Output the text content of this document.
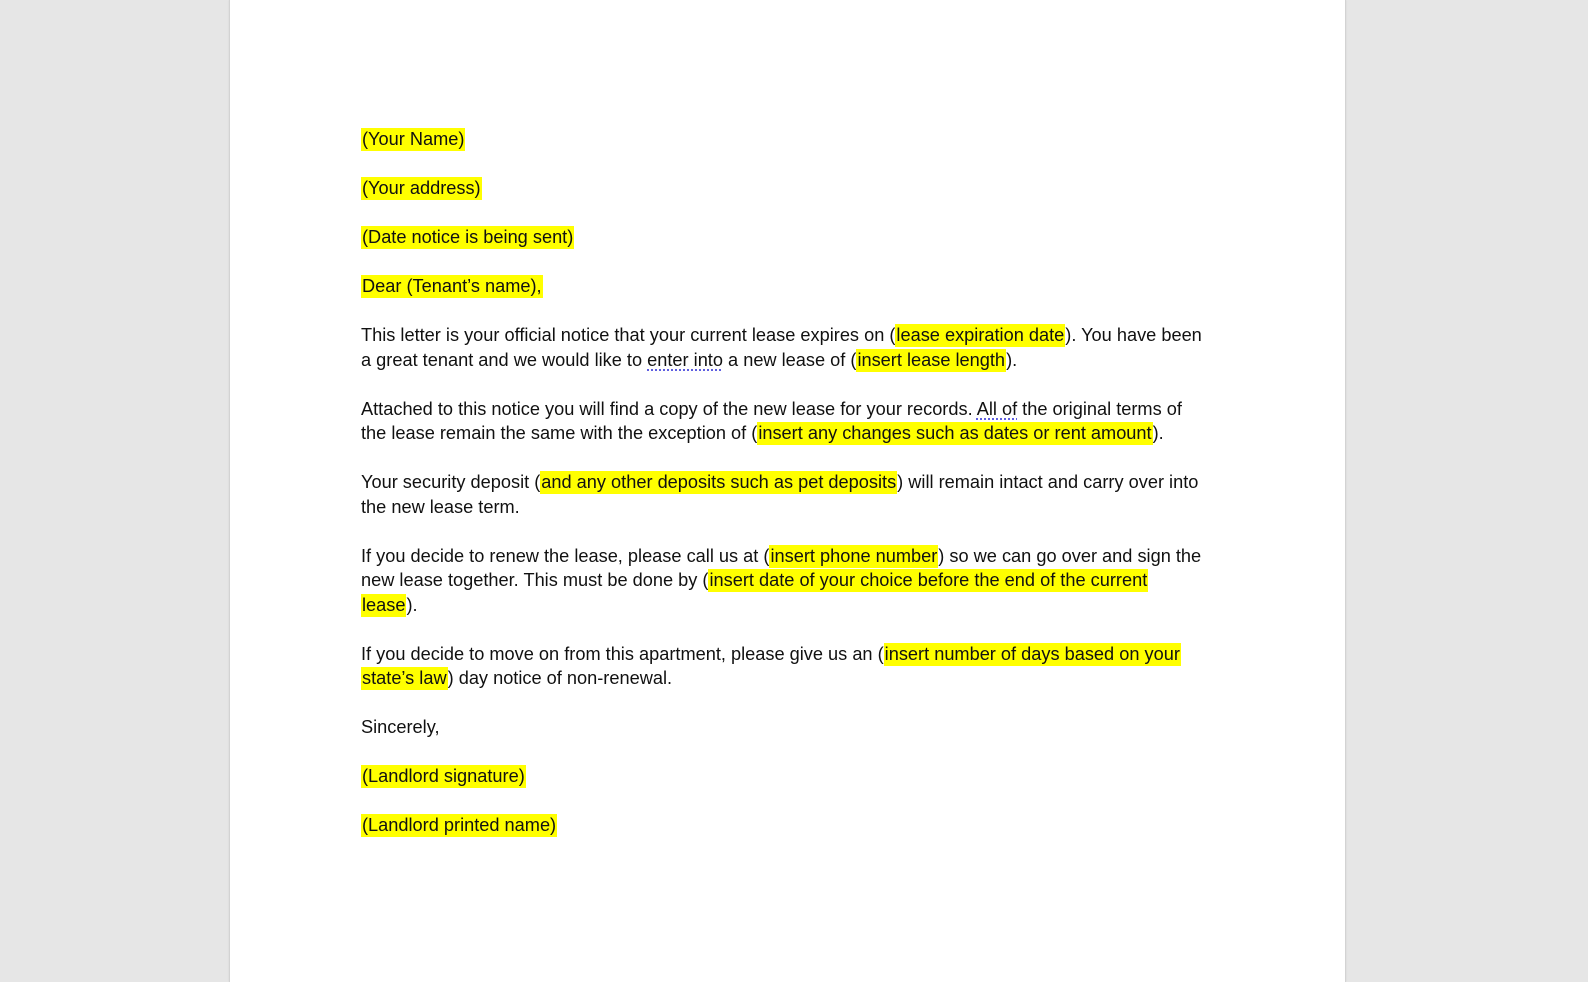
(Your Name)

(Your address)

(Date notice is being sent)

Dear (Tenant’s name),

This letter is your official notice that your current lease expires on (lease expiration date). You have been
a great tenant and we would like to enter into a new lease of (insert lease length).

Attached to this notice you will find a copy of the new lease for your records. All of the original terms of
the lease remain the same with the exception of (insert any changes such as dates or rent amount).

Your security deposit (and any other deposits such as pet deposits) will remain intact and carry over into
the new lease term.

If you decide to renew the lease, please call us at (insert phone number) so we can go over and sign the
new lease together. This must be done by (insert date of your choice before the end of the current
lease).

If you decide to move on from this apartment, please give us an (insert number of days based on your
state’s law) day notice of non-renewal.

Sincerely,

(Landlord signature)

(Landlord printed name)
